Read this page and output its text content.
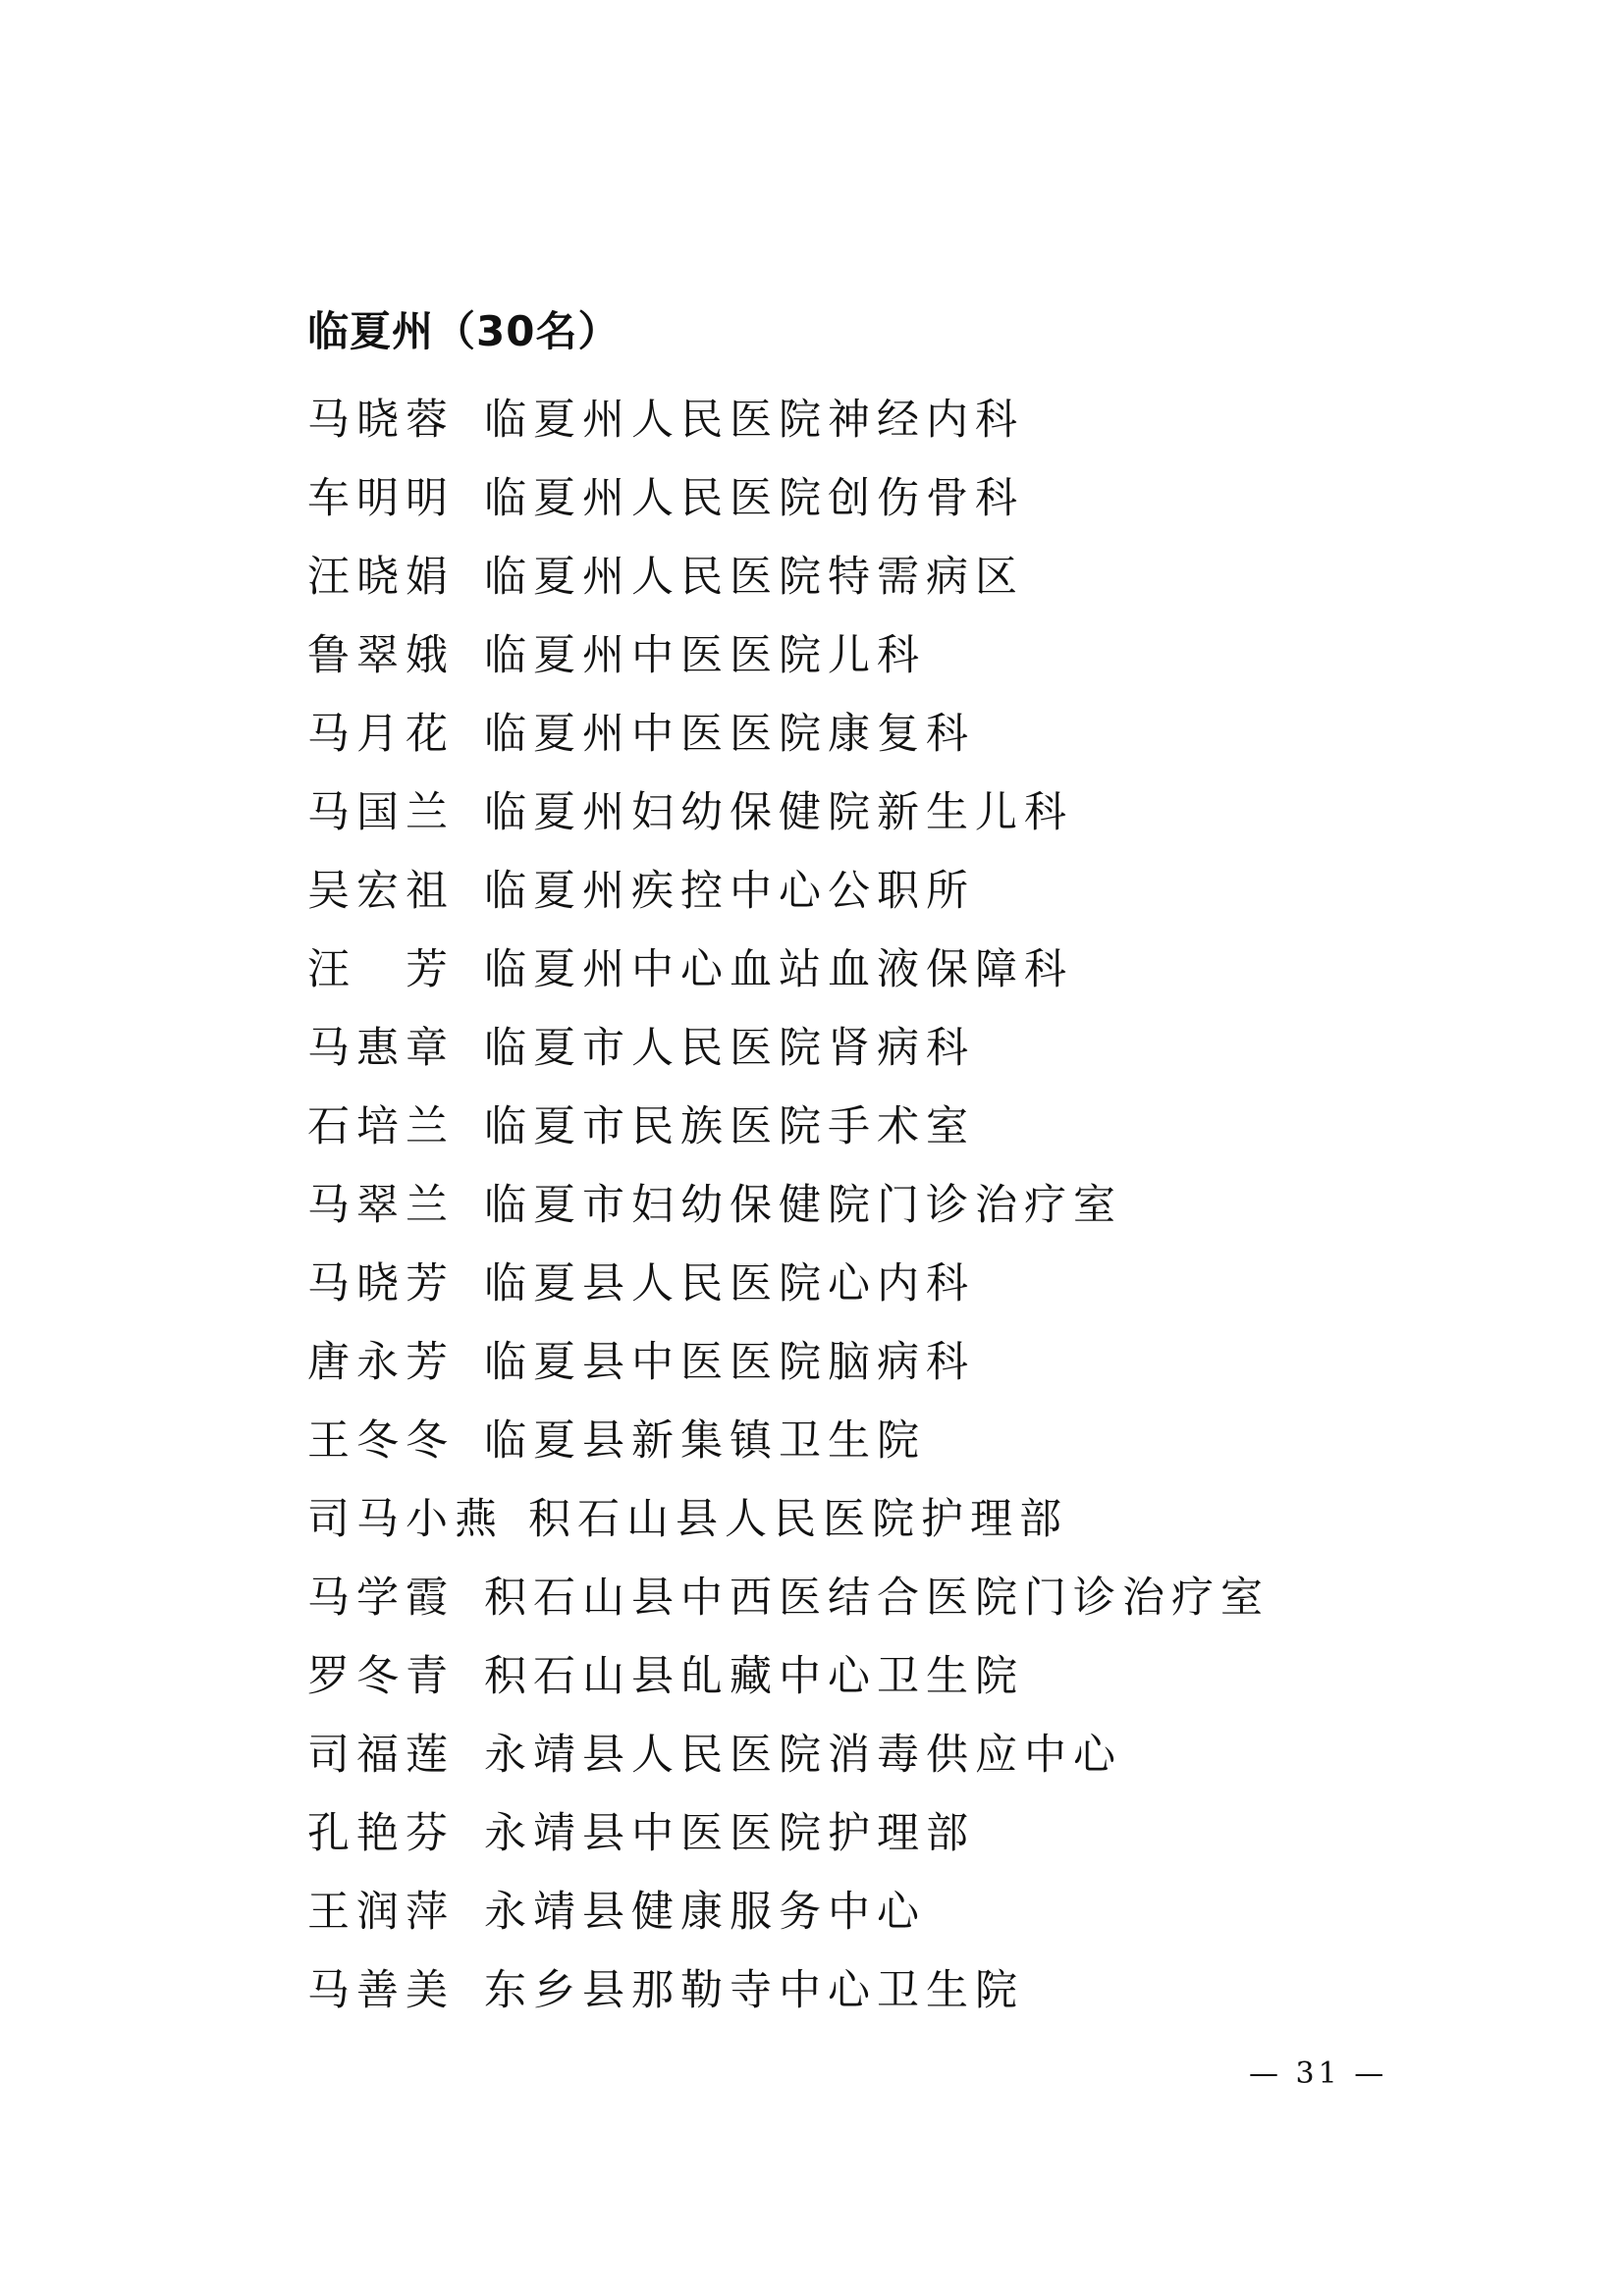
临夏州（30名）
马晓蓉 临夏州人民医院神经内科
车明明 临夏州人民医院创伤骨科
汪晓娟 临夏州人民医院特需病区
鲁翠娥 临夏州中医医院儿科
马月花 临夏州中医医院康复科
马国兰 临夏州妇幼保健院新生儿科
吴宏祖 临夏州疾控中心公职所
汪　芳 临夏州中心血站血液保障科
马惠章 临夏市人民医院肾病科
石培兰 临夏市民族医院手术室
马翠兰 临夏市妇幼保健院门诊治疗室
马晓芳 临夏县人民医院心内科
唐永芳 临夏县中医医院脑病科
王冬冬 临夏县新集镇卫生院
司马小燕 积石山县人民医院护理部
马学霞 积石山县中西医结合医院门诊治疗室
罗冬青 积石山县癿藏中心卫生院
司福莲 永靖县人民医院消毒供应中心
孔艳芬 永靖县中医医院护理部
王润萍 永靖县健康服务中心
马善美 东乡县那勒寺中心卫生院
— 31 —
